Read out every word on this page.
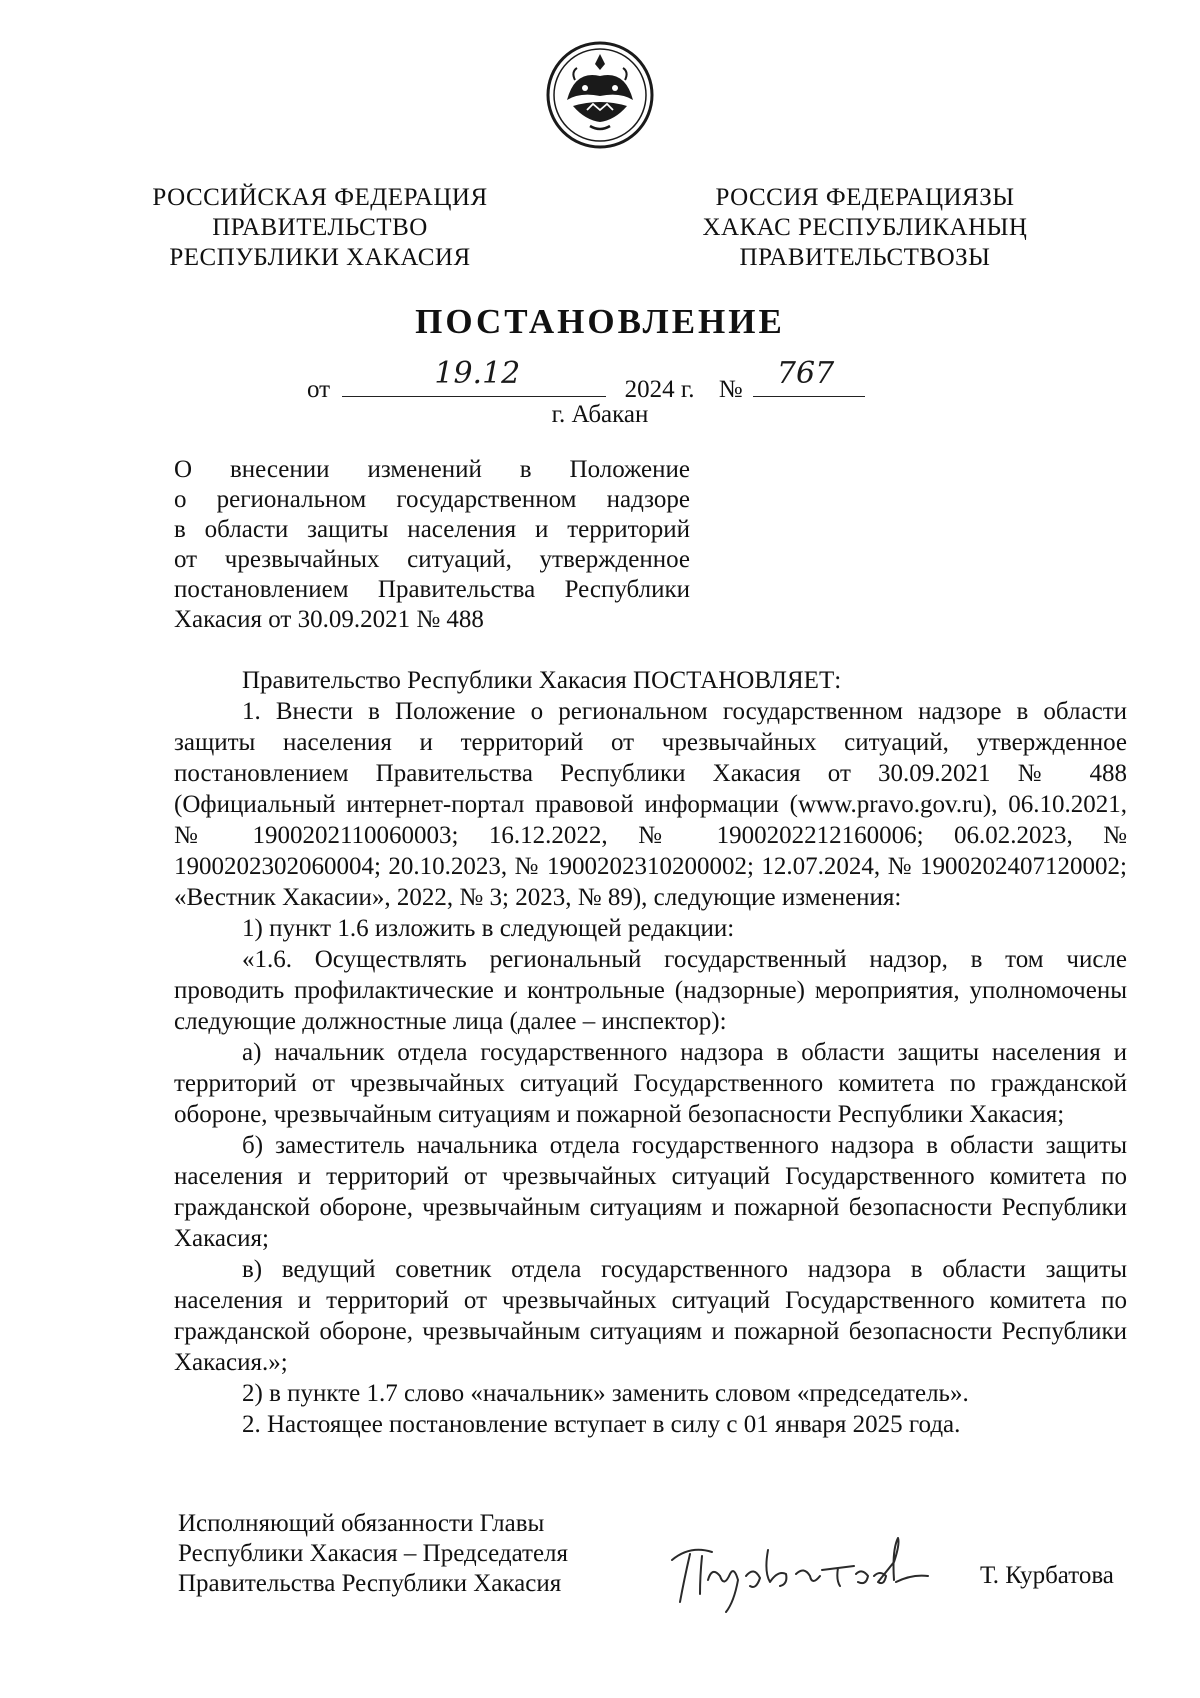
РОССИЙСКАЯ ФЕДЕРАЦИЯ
ПРАВИТЕЛЬСТВО
РЕСПУБЛИКИ ХАКАСИЯ
РОССИЯ ФЕДЕРАЦИЯЗЫ
ХАКАС РЕСПУБЛИКАНЫҢ
ПРАВИТЕЛЬСТВОЗЫ
ПОСТАНОВЛЕНИЕ
от	19.12	2024 г. № 767
г. Абакан
О внесении изменений в Положение
о региональном государственном надзоре
в области защиты населения и территорий
от чрезвычайных ситуаций, утвержденное
постановлением Правительства Республики
Хакасия от 30.09.2021 № 488

Правительство Республики Хакасия ПОСТАНОВЛЯЕТ:

1. Внести в Положение о региональном государственном надзоре в области защиты населения и территорий от чрезвычайных ситуаций, утвержденное постановлением Правительства Республики Хакасия от 30.09.2021 № 488 (Официальный интернет-портал правовой информации (www.pravo.gov.ru), 06.10.2021, № 1900202110060003; 16.12.2022, № 1900202212160006; 06.02.2023, № 1900202302060004; 20.10.2023, № 1900202310200002; 12.07.2024, № 1900202407120002; «Вестник Хакасии», 2022, № 3; 2023, № 89), следующие изменения:

1) пункт 1.6 изложить в следующей редакции:

«1.6. Осуществлять региональный государственный надзор, в том числе проводить профилактические и контрольные (надзорные) мероприятия, уполномочены следующие должностные лица (далее – инспектор):

а) начальник отдела государственного надзора в области защиты населения и территорий от чрезвычайных ситуаций Государственного комитета по гражданской обороне, чрезвычайным ситуациям и пожарной безопасности Республики Хакасия;

б) заместитель начальника отдела государственного надзора в области защиты населения и территорий от чрезвычайных ситуаций Государственного комитета по гражданской обороне, чрезвычайным ситуациям и пожарной безопасности Республики Хакасия;

в) ведущий советник отдела государственного надзора в области защиты населения и территорий от чрезвычайных ситуаций Государственного комитета по гражданской обороне, чрезвычайным ситуациям и пожарной безопасности Республики Хакасия.»;

2) в пункте 1.7 слово «начальник» заменить словом «председатель».

2. Настоящее постановление вступает в силу с 01 января 2025 года.

Исполняющий обязанности Главы
Республики Хакасия – Председателя
Правительства Республики Хакасия	Т. Курбатова
